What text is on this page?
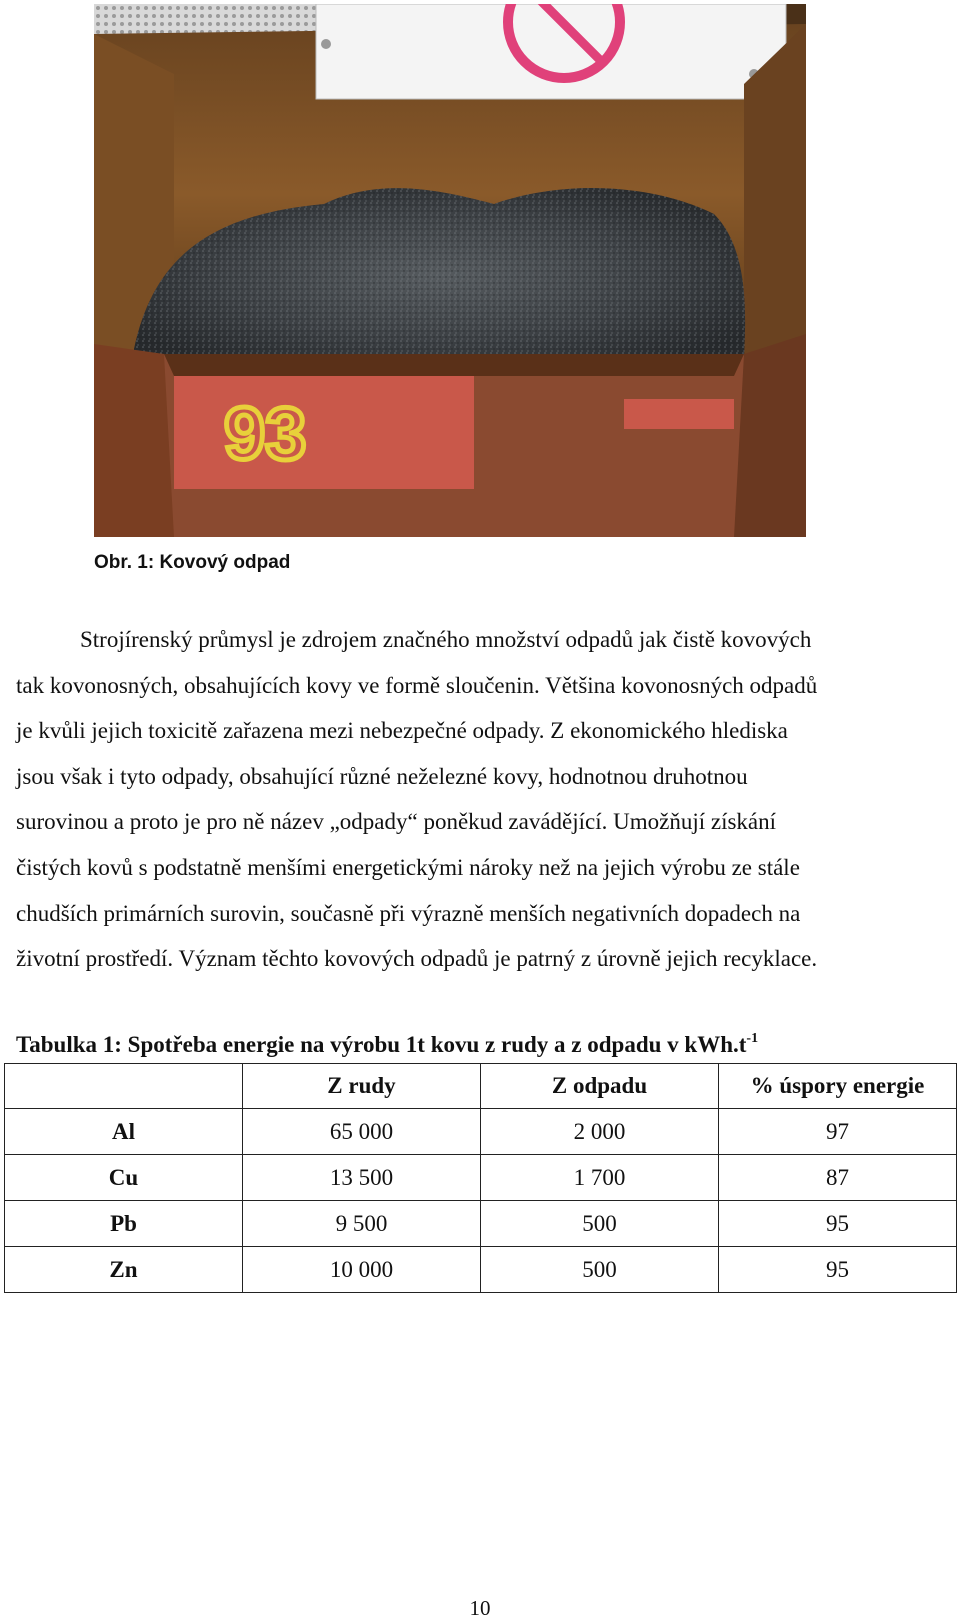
93
Obr. 1: Kovový odpad

Strojírenský průmysl je zdrojem značného množství odpadů jak čistě kovových
tak kovonosných, obsahujících kovy ve formě sloučenin. Většina kovonosných odpadů
je kvůli jejich toxicitě zařazena mezi nebezpečné odpady. Z ekonomického hlediska
jsou však i tyto odpady, obsahující různé neželezné kovy, hodnotnou druhotnou
surovinou a proto je pro ně název „odpady“ poněkud zavádějící. Umožňují získání
čistých kovů s podstatně menšími energetickými nároky než na jejich výrobu ze stále
chudších primárních surovin, současně při výrazně menších negativních dopadech na
životní prostředí. Význam těchto kovových odpadů je patrný z úrovně jejich recyklace.

Tabulka 1: Spotřeba energie na výrobu 1t kovu z rudy a z odpadu v $kWh.t^{-1}$
	Z rudy	Z odpadu	% úspory energie
Al	65 000	2 000	97
Cu	13 500	1 700	87
Pb	9 500	500	95
Zn	10 000	500	95
10
